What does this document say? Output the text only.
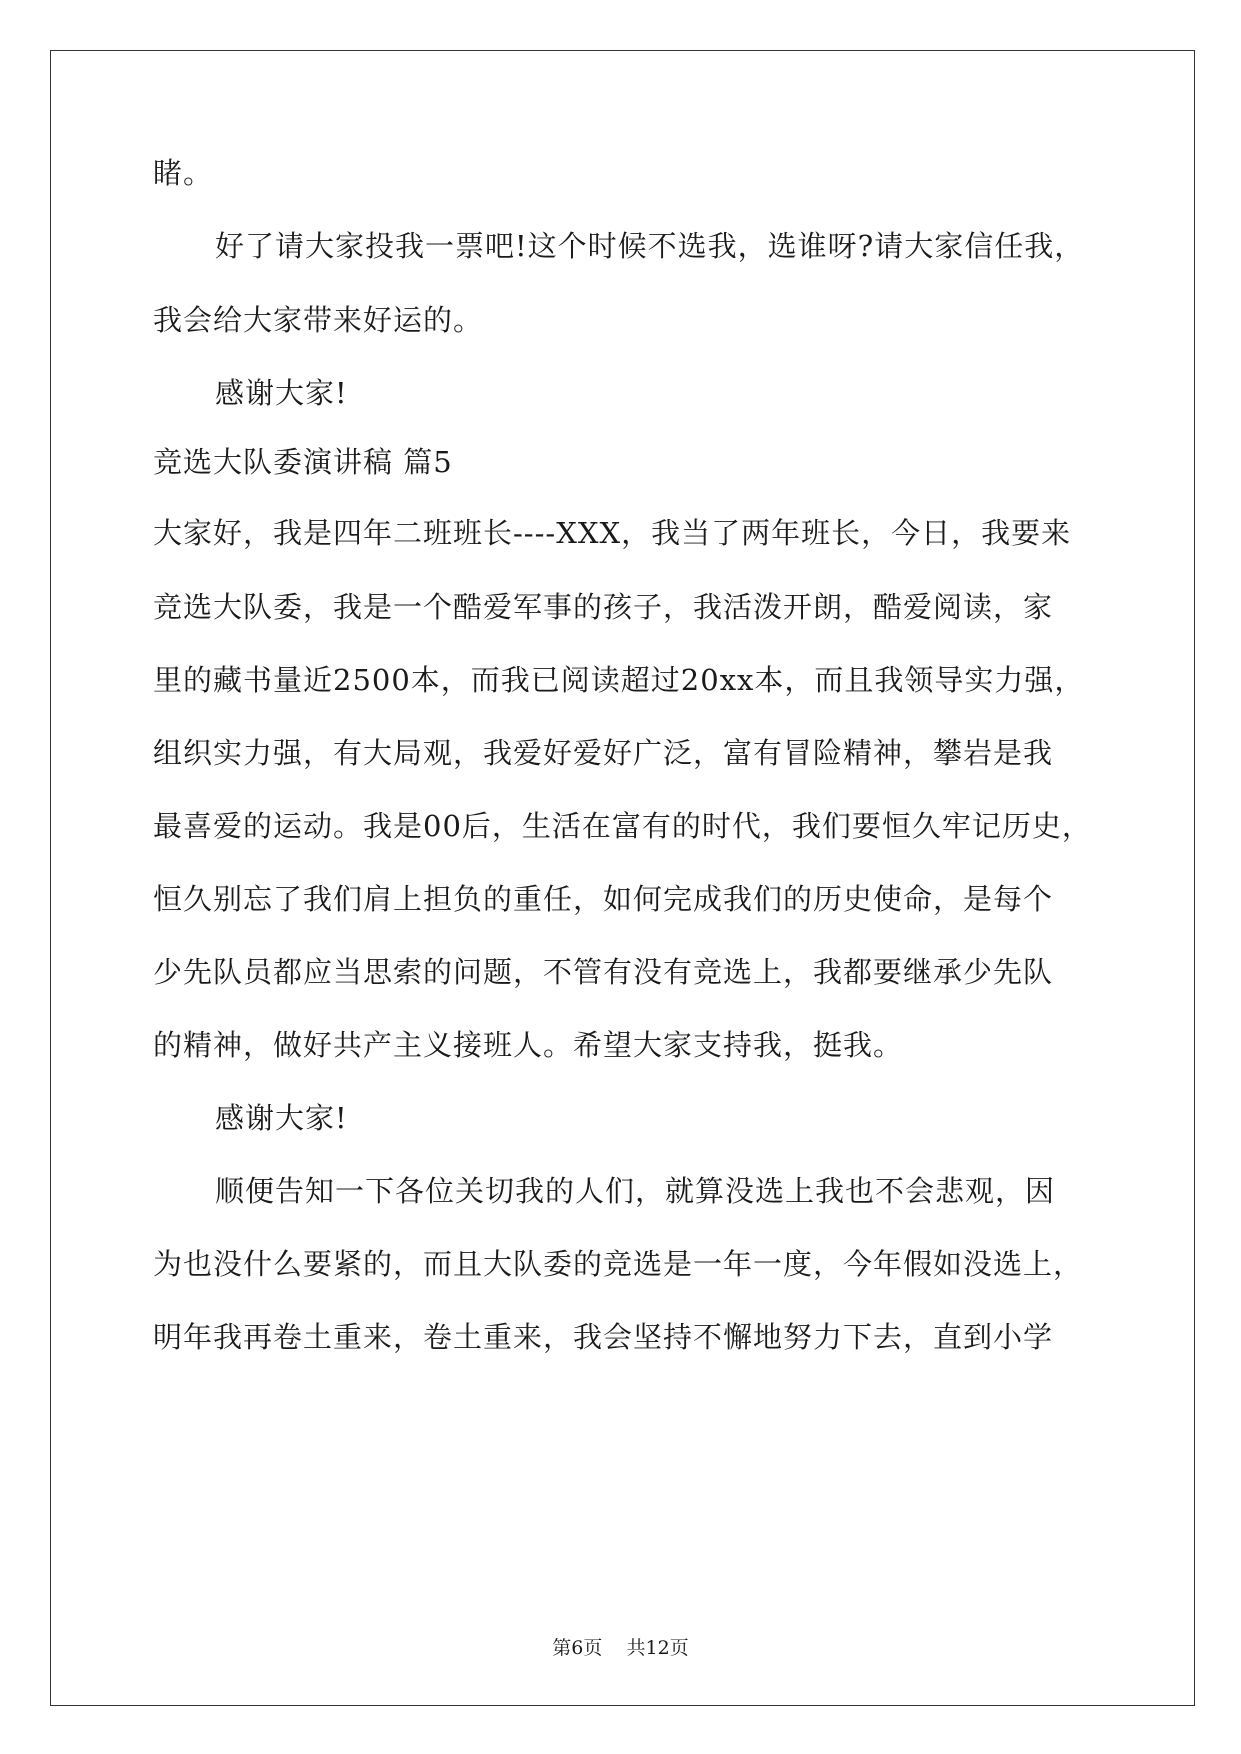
睹。
好了请大家投我一票吧!这个时候不选我，选谁呀?请大家信任我，
我会给大家带来好运的。
感谢大家!
竞选大队委演讲稿 篇5
大家好，我是四年二班班长----XXX，我当了两年班长，今日，我要来
竞选大队委，我是一个酷爱军事的孩子，我活泼开朗，酷爱阅读，家
里的藏书量近2500本，而我已阅读超过20xx本，而且我领导实力强，
组织实力强，有大局观，我爱好爱好广泛，富有冒险精神，攀岩是我
最喜爱的运动。我是00后，生活在富有的时代，我们要恒久牢记历史，
恒久别忘了我们肩上担负的重任，如何完成我们的历史使命，是每个
少先队员都应当思索的问题，不管有没有竞选上，我都要继承少先队
的精神，做好共产主义接班人。希望大家支持我，挺我。
感谢大家!
顺便告知一下各位关切我的人们，就算没选上我也不会悲观，因
为也没什么要紧的，而且大队委的竞选是一年一度，今年假如没选上，
明年我再卷土重来，卷土重来，我会坚持不懈地努力下去，直到小学
第6页    共12页
